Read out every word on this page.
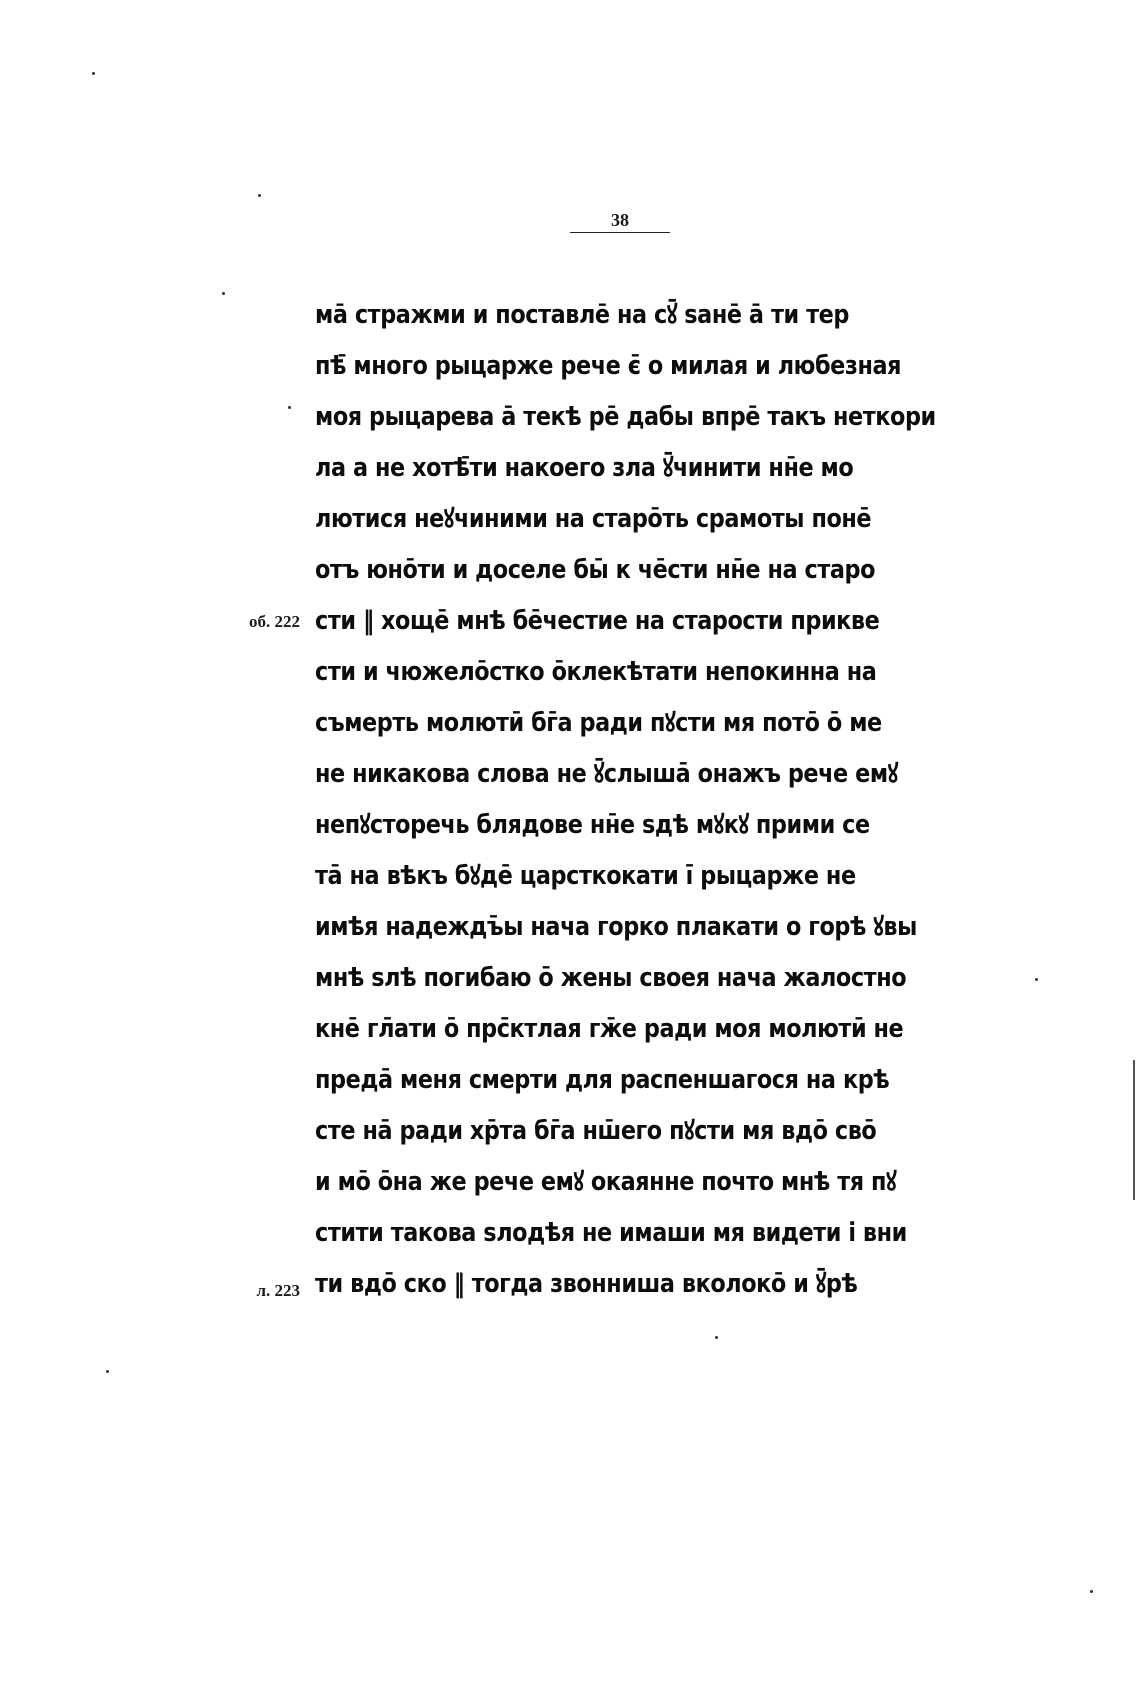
38
мā стражми и поставлē на сꙋ̄ sанē ā ти тер
пѣ̄ много рыцарже рече є̄ о милая и любезная
моя рыцарева ā текѣ рē дабы впрē такъ неткори
ла а не хотѣ̄ти накоего зла ꙋ̄чинити нн̄е мо
лютися неꙋчиними на старо̄ть срамоты поне̄
отъ юно̄ти и доселе бы̄ к че̄сти нн̄е на старо
сти ‖ хоще̄ мнѣ бе̄честие на старости прикве
сти и чюжело̄стко о̄клекѣтати непокинна на
съмерть молютӣ бг̄а ради пꙋсти мя пото̄ о̄ ме
не никакова слова не ꙋ̄слыша̄ онажъ рече емꙋ
непꙋсторечь блядове нн̄е sдѣ мꙋкꙋ прими се
та̄ на вѣкъ бꙋде̄ царсткокати і̄ рыцарже не
имѣя надеждъ̄ы нача горко плакати о горѣ ꙋвы
мнѣ sлѣ погибаю о̄ жены своея нача жалостно
кне̄ гл̄ати о̄ прс̄ктлая гж̄е ради моя молютӣ не
преда̄ меня смерти для распеншагося на крѣ
сте на̄ ради хр̄та бг̄а нш̄его пꙋсти мя вдо̄ сво̄
и мо̄ о̄на же рече емꙋ окаянне почто мнѣ тя пꙋ
стити такова sлодѣя не имаши мя видети і вни
ти вдо̄ ско ‖ тогда звонниша вколоко̄ и ꙋ̄рѣ
об. 222
л. 223
